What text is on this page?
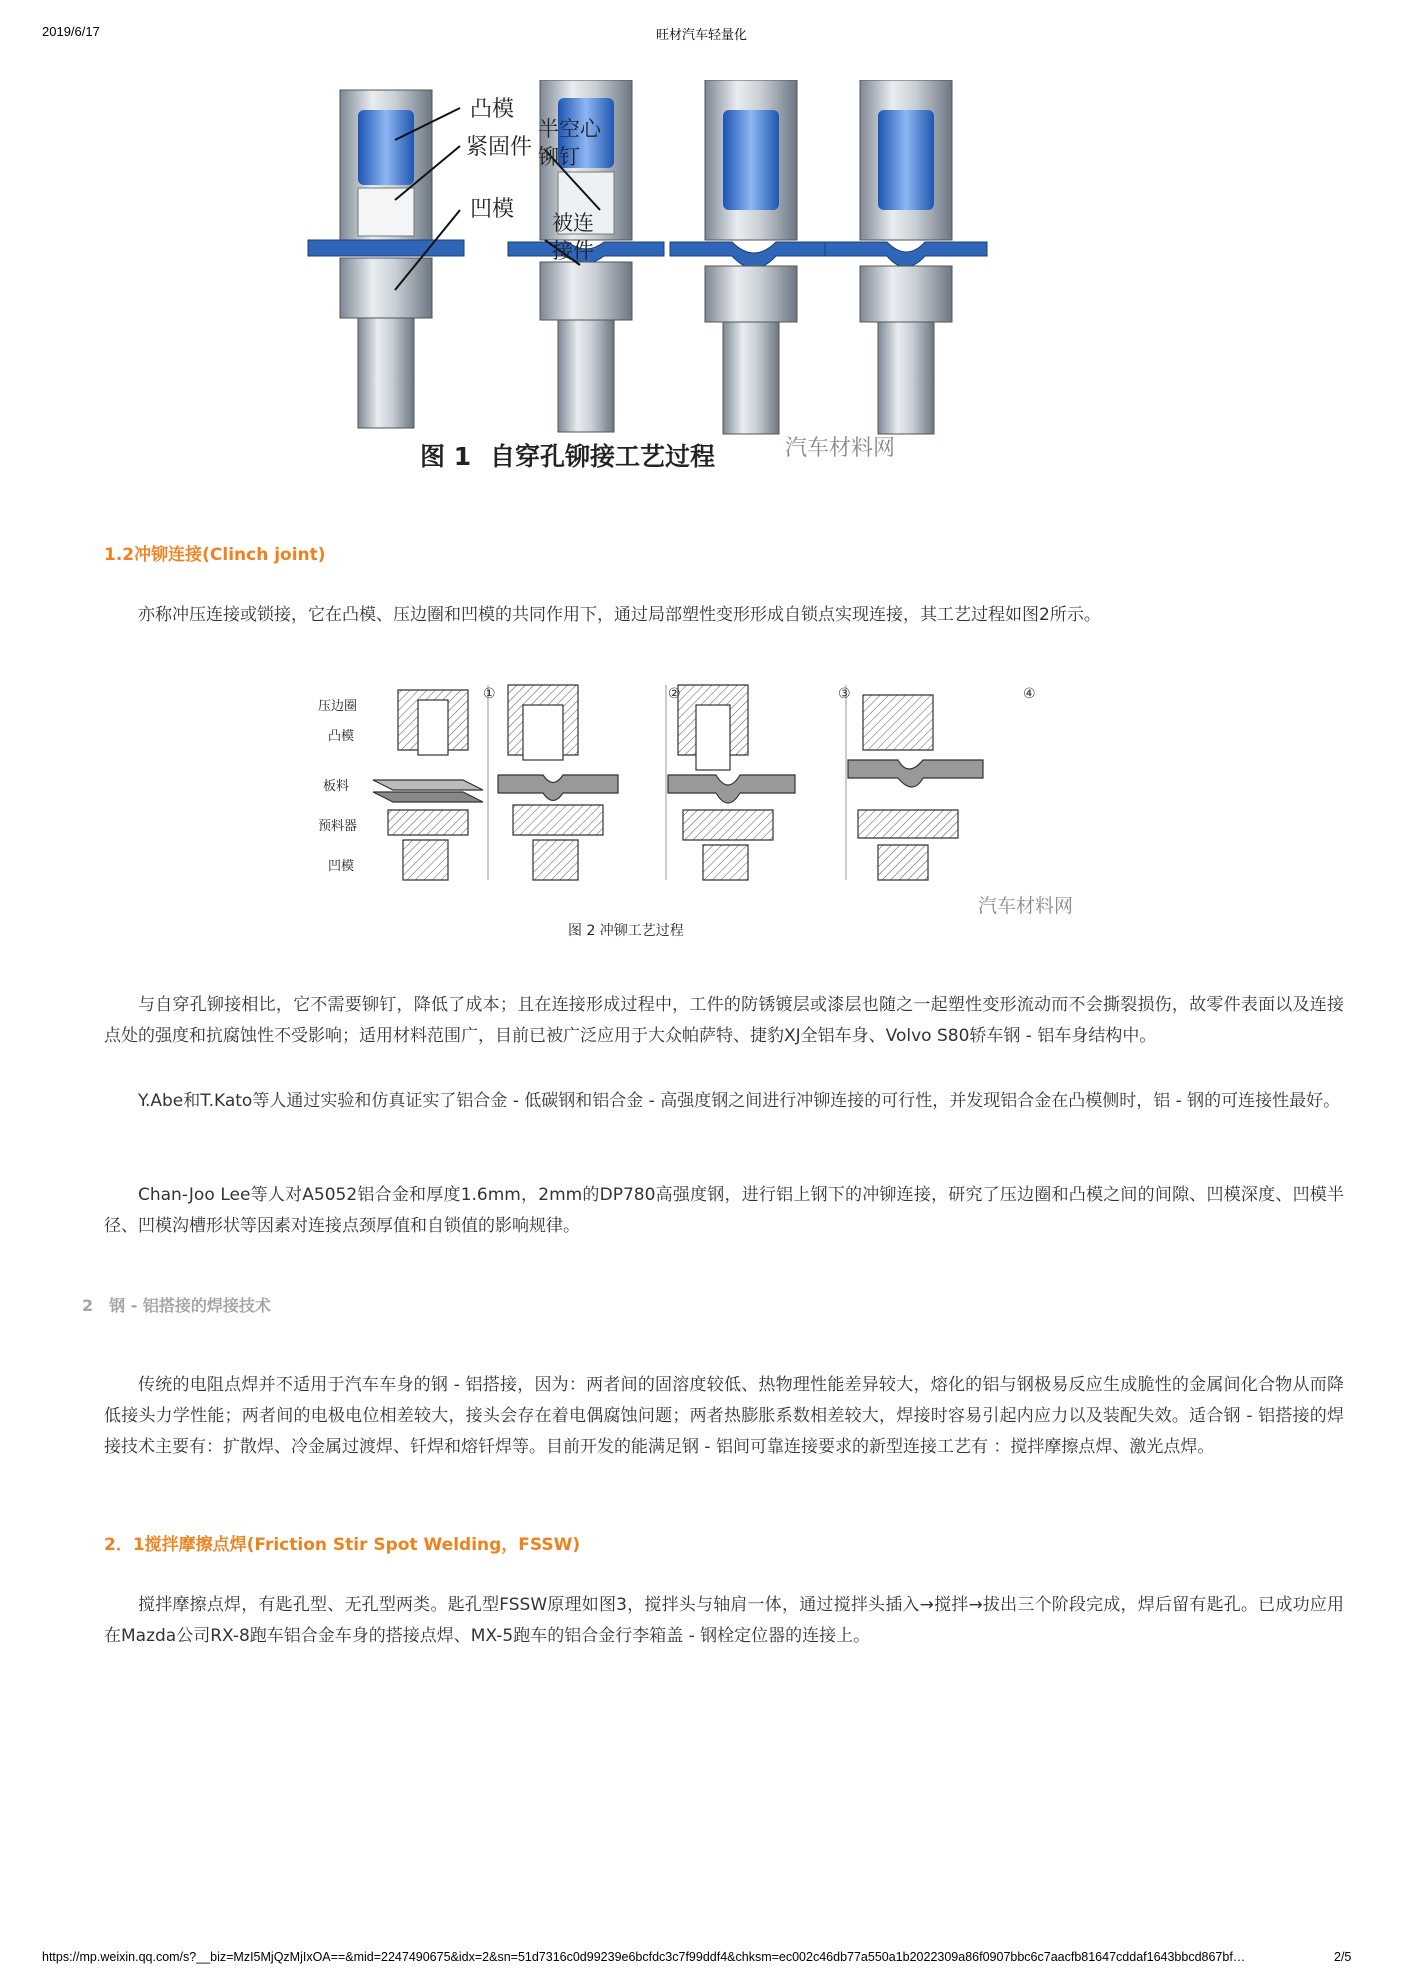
2019/6/17	旺材汽车轻量化
凸模
紧固件
凹模
半空心
铆钉
被连
接件
图 1 自穿孔铆接工艺过程	汽车材料网
1.2冲铆连接(Clinch joint)

亦称冲压连接或锁接，它在凸模、压边圈和凹模的共同作用下，通过局部塑性变形形成自锁点实现连接，其工艺过程如图2所示。

①	②	③	④
压边圈
凸模
板料
预料器
凹模
图 2 冲铆工艺过程
汽车材料网

与自穿孔铆接相比，它不需要铆钉，降低了成本；且在连接形成过程中，工件的防锈镀层或漆层也随之一起塑性变形流动而不会撕裂损伤，故零件表面以及连接点处的强度和抗腐蚀性不受影响；适用材料范围广，目前已被广泛应用于大众帕萨特、捷豹XJ全铝车身、Volvo S80轿车钢 - 铝车身结构中。

Y.Abe和T.Kato等人通过实验和仿真证实了铝合金 - 低碳钢和铝合金 - 高强度钢之间进行冲铆连接的可行性，并发现铝合金在凸模侧时，铝 - 钢的可连接性最好。

Chan-Joo Lee等人对A5052铝合金和厚度1.6mm，2mm的DP780高强度钢，进行铝上钢下的冲铆连接，研究了压边圈和凸模之间的间隙、凹模深度、凹模半径、凹模沟槽形状等因素对连接点颈厚值和自锁值的影响规律。

2　钢 - 铝搭接的焊接技术

传统的电阻点焊并不适用于汽车车身的钢 - 铝搭接，因为：两者间的固溶度较低、热物理性能差异较大，熔化的铝与钢极易反应生成脆性的金属间化合物从而降低接头力学性能；两者间的电极电位相差较大，接头会存在着电偶腐蚀问题；两者热膨胀系数相差较大，焊接时容易引起内应力以及装配失效。适合钢 - 铝搭接的焊接技术主要有：扩散焊、冷金属过渡焊、钎焊和熔钎焊等。目前开发的能满足钢 - 铝间可靠连接要求的新型连接工艺有 ：搅拌摩擦点焊、激光点焊。

2．1搅拌摩擦点焊(Friction Stir Spot Welding，FSSW)

搅拌摩擦点焊，有匙孔型、无孔型两类。匙孔型FSSW原理如图3，搅拌头与轴肩一体，通过搅拌头插入→搅拌→拔出三个阶段完成，焊后留有匙孔。已成功应用在Mazda公司RX-8跑车铝合金车身的搭接点焊、MX-5跑车的铝合金行李箱盖 - 钢栓定位器的连接上。

https://mp.weixin.qq.com/s?__biz=MzI5MjQzMjIxOA==&mid=2247490675&idx=2&sn=51d7316c0d99239e6bcfdc3c7f99ddf4&chksm=ec002c46db77a550a1b2022309a86f0907bbc6c7aacfb81647cddaf1643bbcd867bf…	2/5
